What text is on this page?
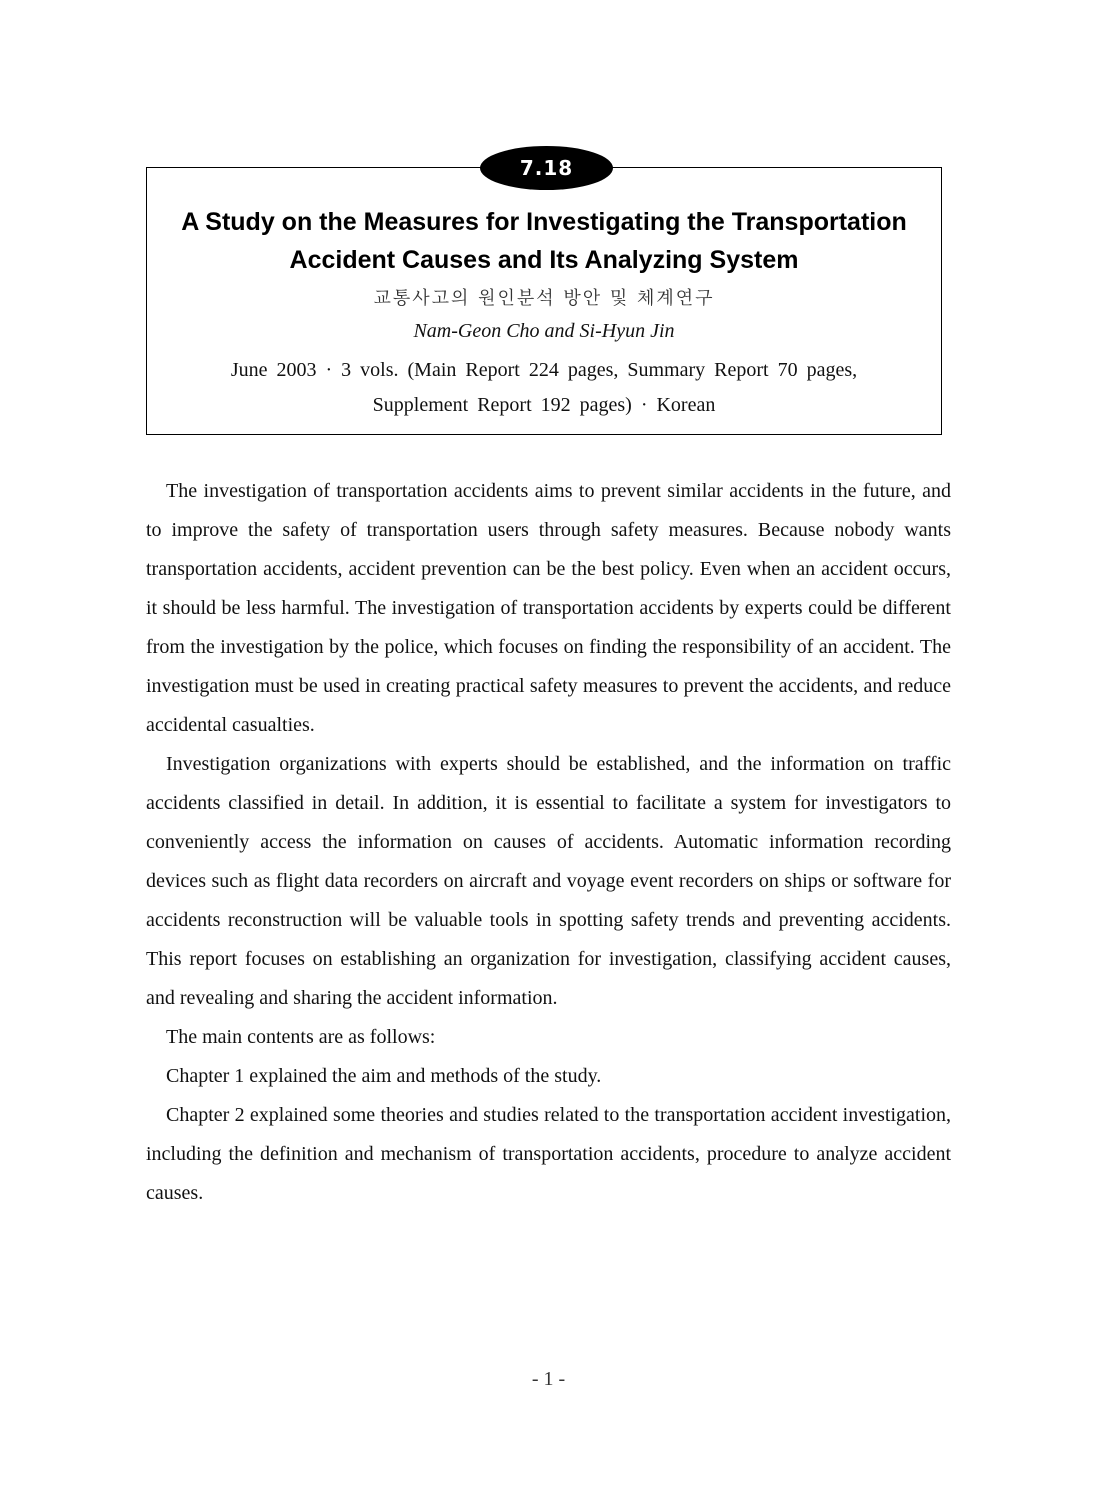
7.18
A Study on the Measures for Investigating the Transportation
Accident Causes and Its Analyzing System
교통사고의 원인분석 방안 및 체계연구
Nam-Geon Cho and Si-Hyun Jin
June 2003 · 3 vols. (Main Report 224 pages, Summary Report 70 pages,
Supplement Report 192 pages) · Korean

The investigation of transportation accidents aims to prevent similar accidents in the future, and to improve the safety of transportation users through safety measures. Because nobody wants transportation accidents, accident prevention can be the best policy. Even when an accident occurs, it should be less harmful. The investigation of transportation accidents by experts could be different from the investigation by the police, which focuses on finding the responsibility of an accident. The investigation must be used in creating practical safety measures to prevent the accidents, and reduce accidental casualties.

Investigation organizations with experts should be established, and the information on traffic accidents classified in detail. In addition, it is essential to facilitate a system for investigators to conveniently access the information on causes of accidents. Automatic information recording devices such as flight data recorders on aircraft and voyage event recorders on ships or software for accidents reconstruction will be valuable tools in spotting safety trends and preventing accidents. This report focuses on establishing an organization for investigation, classifying accident causes, and revealing and sharing the accident information.

The main contents are as follows:

Chapter 1 explained the aim and methods of the study.

Chapter 2 explained some theories and studies related to the transportation accident investigation, including the definition and mechanism of transportation accidents, procedure to analyze accident causes.

- 1 -
